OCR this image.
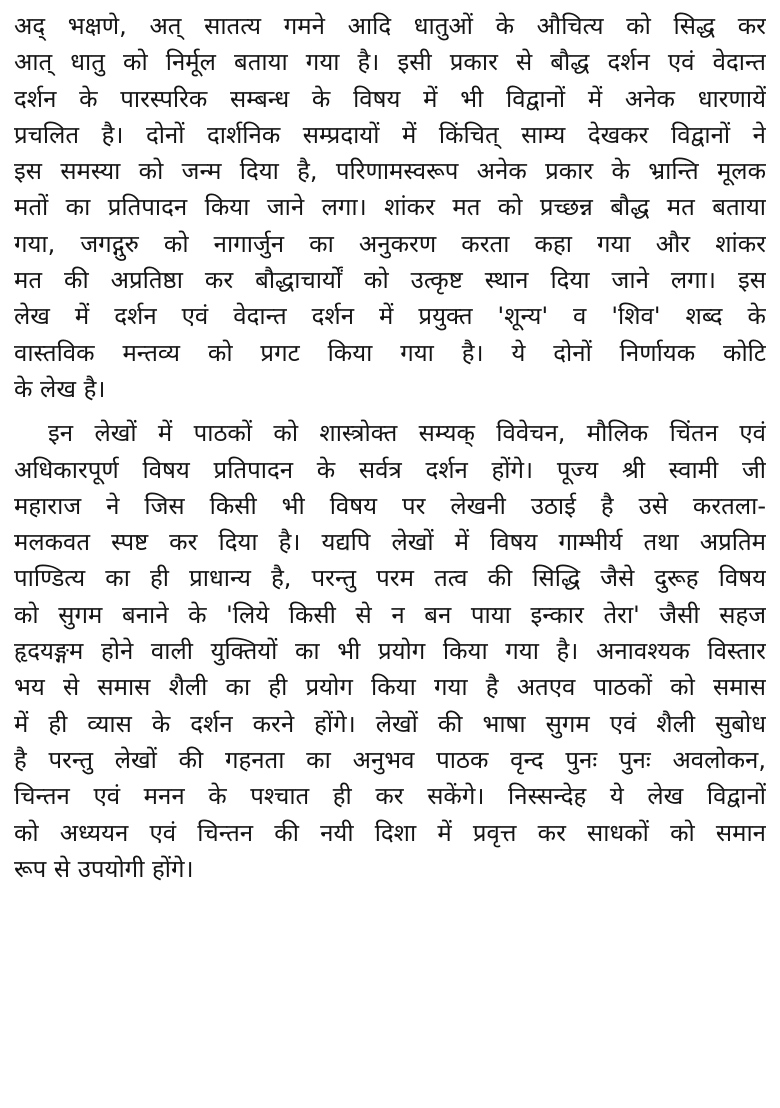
अद् भक्षणे, अत् सातत्य गमने आदि धातुओं के औचित्य को सिद्ध कर
आत् धातु को निर्मूल बताया गया है। इसी प्रकार से बौद्ध दर्शन एवं वेदान्त
दर्शन के पारस्परिक सम्बन्ध के विषय में भी विद्वानों में अनेक धारणायें
प्रचलित है। दोनों दार्शनिक सम्प्रदायों में किंचित् साम्य देखकर विद्वानों ने
इस समस्या को जन्म दिया है, परिणामस्वरूप अनेक प्रकार के भ्रान्ति मूलक
मतों का प्रतिपादन किया जाने लगा। शांकर मत को प्रच्छन्न बौद्ध मत बताया
गया, जगद्गुरु को नागार्जुन का अनुकरण करता कहा गया और शांकर
मत की अप्रतिष्ठा कर बौद्धाचार्यों को उत्कृष्ट स्थान दिया जाने लगा। इस
लेख में दर्शन एवं वेदान्त दर्शन में प्रयुक्त 'शून्य' व 'शिव' शब्द के
वास्तविक मन्तव्य को प्रगट किया गया है। ये दोनों निर्णायक कोटि
के लेख है।
इन लेखों में पाठकों को शास्त्रोक्त सम्यक् विवेचन, मौलिक चिंतन एवं
अधिकारपूर्ण विषय प्रतिपादन के सर्वत्र दर्शन होंगे। पूज्य श्री स्वामी जी
महाराज ने जिस किसी भी विषय पर लेखनी उठाई है उसे करतला-
मलकवत स्पष्ट कर दिया है। यद्यपि लेखों में विषय गाम्भीर्य तथा अप्रतिम
पाण्डित्य का ही प्राधान्य है, परन्तु परम तत्व की सिद्धि जैसे दुरूह विषय
को सुगम बनाने के 'लिये किसी से न बन पाया इन्कार तेरा' जैसी सहज
हृदयङ्गम होने वाली युक्तियों का भी प्रयोग किया गया है। अनावश्यक विस्तार
भय से समास शैली का ही प्रयोग किया गया है अतएव पाठकों को समास
में ही व्यास के दर्शन करने होंगे। लेखों की भाषा सुगम एवं शैली सुबोध
है परन्तु लेखों की गहनता का अनुभव पाठक वृन्द पुनः पुनः अवलोकन,
चिन्तन एवं मनन के पश्चात ही कर सकेंगे। निस्सन्देह ये लेख विद्वानों
को अध्ययन एवं चिन्तन की नयी दिशा में प्रवृत्त कर साधकों को समान
रूप से उपयोगी होंगे।
